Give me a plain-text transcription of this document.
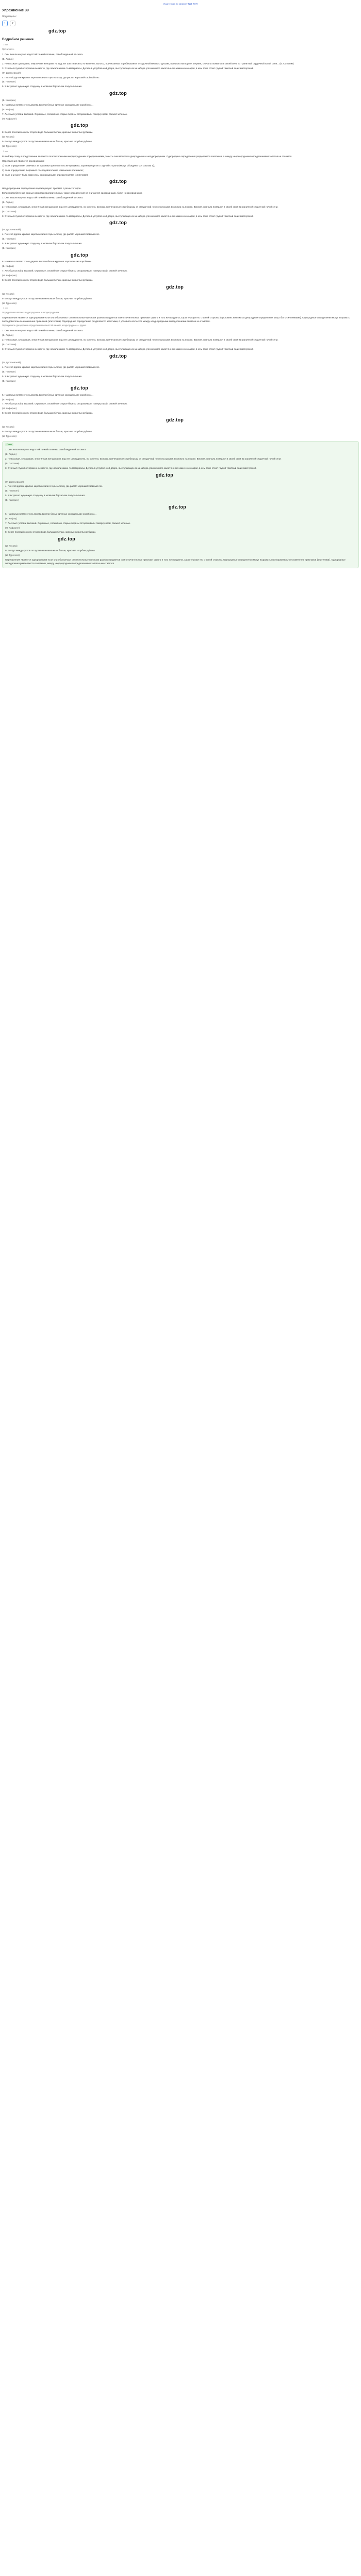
Ищите нас по запросу ГДЗ ТОП
Упражнение 39
Подразделы:
1	2
gdz.top
Подробное решение
1 вид
Прочитайте.
1. Они вышли на угол недостой тонкой полянки, освобождённой от снега.
(В. Лидин)
2. Невысокая сухощавая, энергичная женщина на вид лет шестидесяти, но конечно, волосы, причёсанные к гребешкам от отгадочной немного русыми, возникла на пороге. Верния, сначала появился в своей сени из гранитной сердечной голой сени... (В. Сотолим)
3. Это был глухой отгороженное место, где лежали какие-то материалы. Деталь в углублённой дворе, выступающих из за забора угол немного закопчённого каменного сарая, в нём тоже стоял грудой тяжёлый ящик мастерской.
(Ф. Достоевский)
4. По этой дороге крытые кареты ехали в горы Алатау, где растёт хороший хвойный лес.
(Б. Никитин)
5. Я встретил худенькую старушку в зелёном бархатном полупальтишке.
gdz.top
(В. Каверин)
6. На малых ветвях этого дерева висели белые крупные хорошенькие коробочки...
(Б. Кафар)
7. Лес был густой и высокий. Огромные, спокойные старые берёзы отгораживали поверху ярой, свежей зеленью.
(Н. Кафарне)
gdz.top
8. Берег пологий со всех сторон вода больших белых, красных слоистых рубинах.
(И. Кусово)
9. Вокруг между кустов по пустынным мелькали белые, красные голубые рубины.
(И. Тургенев)
2 вид
В любому слову в предложении являются относительными неоднородными определениями, то есть они являются однородными и неоднородными. Однородные определения разделяются запятыми, а между неоднородными определениями запятая не ставится.
Определения являются однородными:
1) если определения отвечают за признаки одного и того же предмета, характеризуя его с одной стороны (могут объединяться союзом и);
2) если определения выражают последовательное изменение признаков;
3) если они могут быть заменены разнородными определениями (эпитетами).
gdz.top
Неоднородными определения характеризуют предмет с разных сторон.
Если употреблённые разные разряды прилагательных, такие определения не считаются однородными, будут неоднородными.
1. Они вышли на угол недостой тонкой полянки, освобождённой от снега.
(В. Лидин)
2. Невысокая, сухощавая, энергичная женщина на вид лет шестидесяти, но конечно, волосы, причёсанные к гребешкам от отгадочной немного русыми, возникла на пороге. Верния, сначала появился в своей сени из гранитной сердечной голой сени.
(В. Сотолим)
3. Это был глухой отгороженное место, где лежали какие-то материалы. Деталь в углублённой дворе, выступающих из за забора угол немного закопчённого каменного сарая, в нём тоже стоял грудой тяжёлый ящик мастерской.
gdz.top
(Ф. Достоевский)
4. По этой дороге крытые кареты ехали в горы Алатау, где растёт хороший хвойный лес.
(Б. Никитин)
5. Я встретил худенькую старушку в зелёном бархатном полупальтишке.
(В. Каверин)
gdz.top
6. На малых ветвях этого дерева висели белые крупные хорошенькие коробочки...
(Б. Кафар)
7. Лес был густой и высокий. Огромные, спокойные старые берёзы отгораживали поверху ярой, свежей зеленью.
(Н. Кафарне)
8. Берег пологий со всех сторон вода больших белых, красных слоистых рубинах.
gdz.top
(И. Кусово)
9. Вокруг между кустов по пустынным мелькали белые, красные голубые рубины.
(И. Тургенев)
3 вид
Определения являются однородными и неоднородными.
Определения являются однородными если они обозначают отличительные признаки разных предметов или отличительные признаки одного и того же предмета, характеризуя его с одной стороны (в условиях контекста однородные определения могут быть синонимами). Однородные определения могут выражать последовательное изменение признаков (эпитетами). Однородные определения разделяются запятыми, в условиях контекста между неоднородными определениями запятые не ставятся.
Подчеркните однородные определения волнистой линией, неоднородные — двумя.
1. Они вышли на угол недостой тонкой полянки, освобождённой от снега.
(В. Лидин)
2. Невысокая, сухощавая, энергичная женщина на вид лет шестидесяти, но конечно, волосы, причёсанные к гребешкам от отгадочной немного русыми, возникла на пороге. Верния, сначала появился в своей сени из гранитной сердечной голой сени.
(В. Сотолим)
3. Это был глухой отгороженное место, где лежали какие-то материалы. Деталь в углублённой дворе, выступающих из за забора угол немного закопчённого каменного сарая, в нём тоже стоял грудой тяжёлый ящик мастерской.
gdz.top
(Ф. Достоевский)
4. По этой дороге крытые кареты ехали в горы Алатау, где растёт хороший хвойный лес.
(Б. Никитин)
5. Я встретил худенькую старушку в зелёном бархатном полупальтишке.
(В. Каверин)
gdz.top
6. На малых ветвях этого дерева висели белые крупные хорошенькие коробочки...
(Б. Кафар)
7. Лес был густой и высокий. Огромные, спокойные старые берёзы отгораживали поверху ярой, свежей зеленью.
(Н. Кафарне)
8. Берег пологий со всех сторон вода больших белых, красных слоистых рубинах.
gdz.top
(И. Кусово)
9. Вокруг между кустов по пустынным мелькали белые, красные голубые рубины.
(И. Тургенев)
Ответ
1. Они вышли на угол недостой тонкой полянки, освобождённой от снега.
(В. Лидин)
2. Невысокая, сухощавая, энергичная женщина на вид лет шестидесяти, но конечно, волосы, причёсанные к гребешкам от отгадочной немного русыми, возникла на пороге. Верния, сначала появился в своей сени из гранитной сердечной голой сени.
(В. Сотолим)
3. Это был глухой отгороженное место, где лежали какие-то материалы. Деталь в углублённой дворе, выступающих из за забора угол немного закопчённого каменного сарая, в нём тоже стоял грудой тяжёлый ящик мастерской.
gdz.top
(Ф. Достоевский)
4. По этой дороге крытые кареты ехали в горы Алатау, где растёт хороший хвойный лес.
(Б. Никитин)
5. Я встретил худенькую старушку в зелёном бархатном полупальтишке.
(В. Каверин)
gdz.top
6. На малых ветвях этого дерева висели белые крупные хорошенькие коробочки...
(Б. Кафар)
7. Лес был густой и высокий. Огромные, спокойные старые берёзы отгораживали поверху ярой, свежей зеленью.
(Н. Кафарне)
8. Берег пологий со всех сторон вода больших белых, красных слоистых рубинах.
gdz.top
(И. Кусово)
9. Вокруг между кустов по пустынным мелькали белые, красные голубые рубины.
(И. Тургенев)
Определения являются однородными если они обозначают отличительные признаки разных предметов или отличительные признаки одного и того же предмета, характеризуя его с одной стороны. Однородные определения могут выражать последовательное изменение признаков (эпитетами). Однородные определения разделяются запятыми, между неоднородными определениями запятые не ставятся.
